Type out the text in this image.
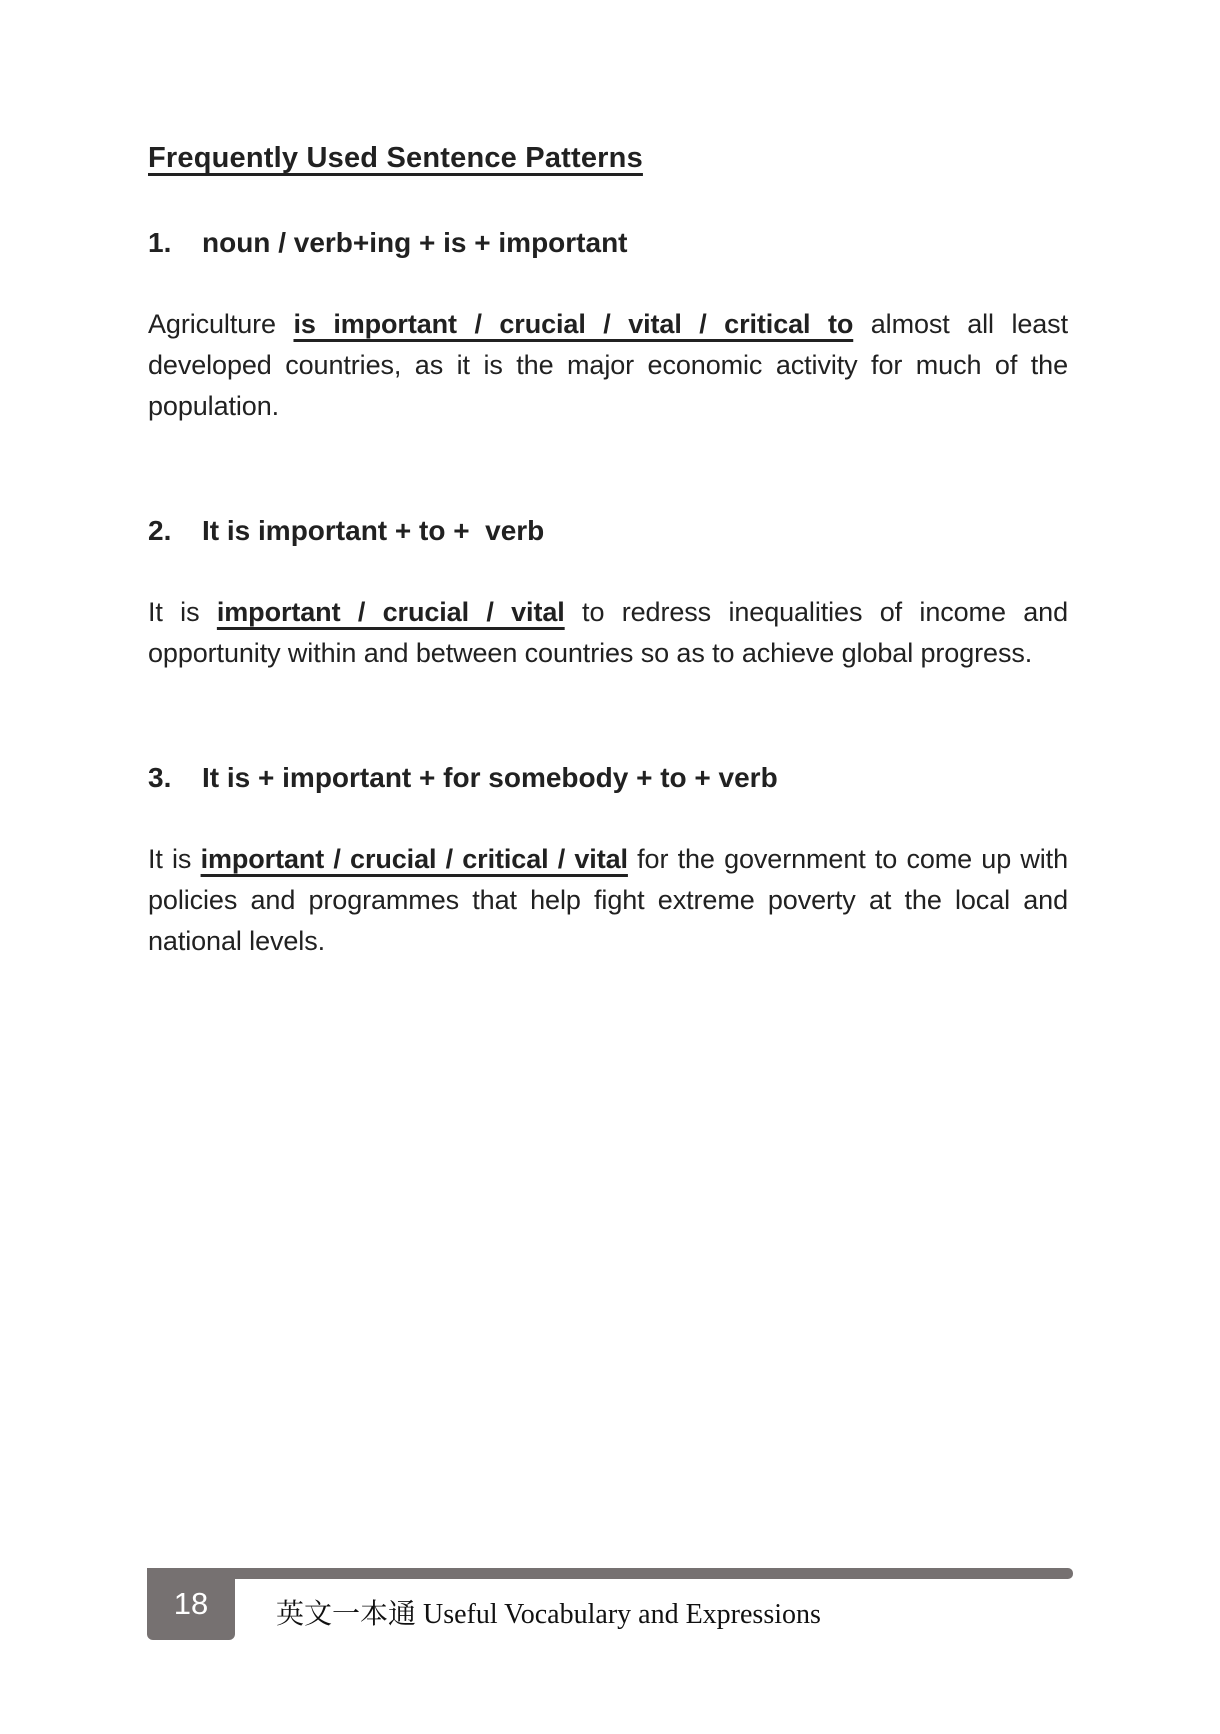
Frequently Used Sentence Patterns
1.	noun / verb+ing + is + important

Agriculture is important / crucial / vital / critical to almost all least developed countries, as it is the major economic activity for much of the population.

2.	It is important + to +  verb

It is important / crucial / vital to redress inequalities of income and opportunity within and between countries so as to achieve global progress.

3.	It is + important + for somebody + to + verb

It is important / crucial / critical / vital for the government to come up with policies and programmes that help fight extreme poverty at the local and national levels.

18 英文一本通 Useful Vocabulary and Expressions
